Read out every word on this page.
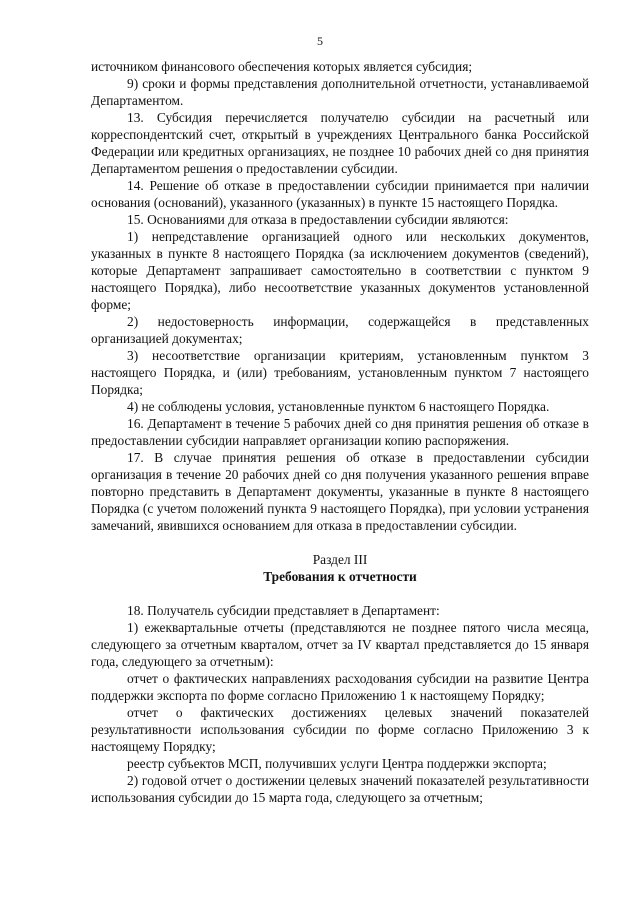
5

источником финансового обеспечения которых является субсидия;

9) сроки и формы представления дополнительной отчетности, устанавливаемой Департаментом.

13. Субсидия перечисляется получателю субсидии на расчетный или корреспондентский счет, открытый в учреждениях Центрального банка Российской Федерации или кредитных организациях, не позднее 10 рабочих дней со дня принятия Департаментом решения о предоставлении субсидии.

14. Решение об отказе в предоставлении субсидии принимается при наличии основания (оснований), указанного (указанных) в пункте 15 настоящего Порядка.

15. Основаниями для отказа в предоставлении субсидии являются:

1) непредставление организацией одного или нескольких документов, указанных в пункте 8 настоящего Порядка (за исключением документов (сведений), которые Департамент запрашивает самостоятельно в соответствии с пунктом 9 настоящего Порядка), либо несоответствие указанных документов установленной форме;

2) недостоверность информации, содержащейся в представленных организацией документах;

3) несоответствие организации критериям, установленным пунктом 3 настоящего Порядка, и (или) требованиям, установленным пунктом 7 настоящего Порядка;

4) не соблюдены условия, установленные пунктом 6 настоящего Порядка.

16. Департамент в течение 5 рабочих дней со дня принятия решения об отказе в предоставлении субсидии направляет организации копию распоряжения.

17. В случае принятия решения об отказе в предоставлении субсидии организация в течение 20 рабочих дней со дня получения указанного решения вправе повторно представить в Департамент документы, указанные в пункте 8 настоящего Порядка (с учетом положений пункта 9 настоящего Порядка), при условии устранения замечаний, явившихся основанием для отказа в предоставлении субсидии.

Раздел III
Требования к отчетности

18. Получатель субсидии представляет в Департамент:

1) ежеквартальные отчеты (представляются не позднее пятого числа месяца, следующего за отчетным кварталом, отчет за IV квартал представляется до 15 января года, следующего за отчетным):

отчет о фактических направлениях расходования субсидии на развитие Центра поддержки экспорта по форме согласно Приложению 1 к настоящему Порядку;

отчет о фактических достижениях целевых значений показателей результативности использования субсидии по форме согласно Приложению 3 к настоящему Порядку;

реестр субъектов МСП, получивших услуги Центра поддержки экспорта;

2) годовой отчет о достижении целевых значений показателей результативности использования субсидии до 15 марта года, следующего за отчетным;
